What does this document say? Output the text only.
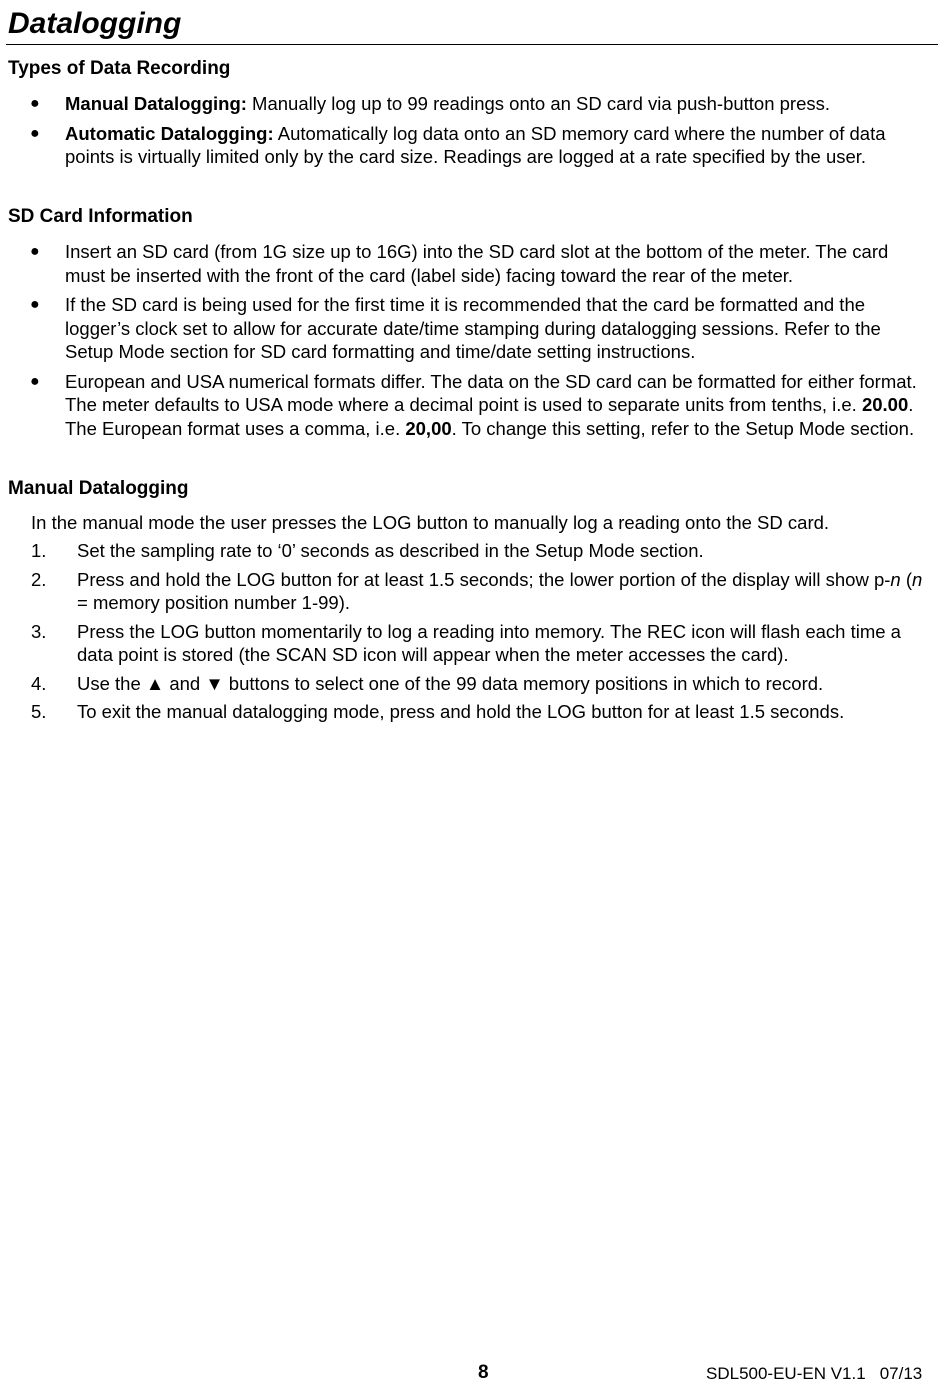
Datalogging
Types of Data Recording
● Manual Datalogging: Manually log up to 99 readings onto an SD card via push-button press.
● Automatic Datalogging: Automatically log data onto an SD memory card where the number of data points is virtually limited only by the card size. Readings are logged at a rate specified by the user.
SD Card Information
● Insert an SD card (from 1G size up to 16G) into the SD card slot at the bottom of the meter. The card must be inserted with the front of the card (label side) facing toward the rear of the meter.
● If the SD card is being used for the first time it is recommended that the card be formatted and the logger’s clock set to allow for accurate date/time stamping during datalogging sessions. Refer to the Setup Mode section for SD card formatting and time/date setting instructions.
● European and USA numerical formats differ. The data on the SD card can be formatted for either format. The meter defaults to USA mode where a decimal point is used to separate units from tenths, i.e. 20.00. The European format uses a comma, i.e. 20,00. To change this setting, refer to the Setup Mode section.
Manual Datalogging

In the manual mode the user presses the LOG button to manually log a reading onto the SD card.

1. Set the sampling rate to ‘0’ seconds as described in the Setup Mode section.
2. Press and hold the LOG button for at least 1.5 seconds; the lower portion of the display will show p-n (n = memory position number 1-99).
3. Press the LOG button momentarily to log a reading into memory. The REC icon will flash each time a data point is stored (the SCAN SD icon will appear when the meter accesses the card).
4. Use the ▲ and ▼ buttons to select one of the 99 data memory positions in which to record.
5. To exit the manual datalogging mode, press and hold the LOG button for at least 1.5 seconds.
8	SDL500-EU-EN V1.1 07/13
